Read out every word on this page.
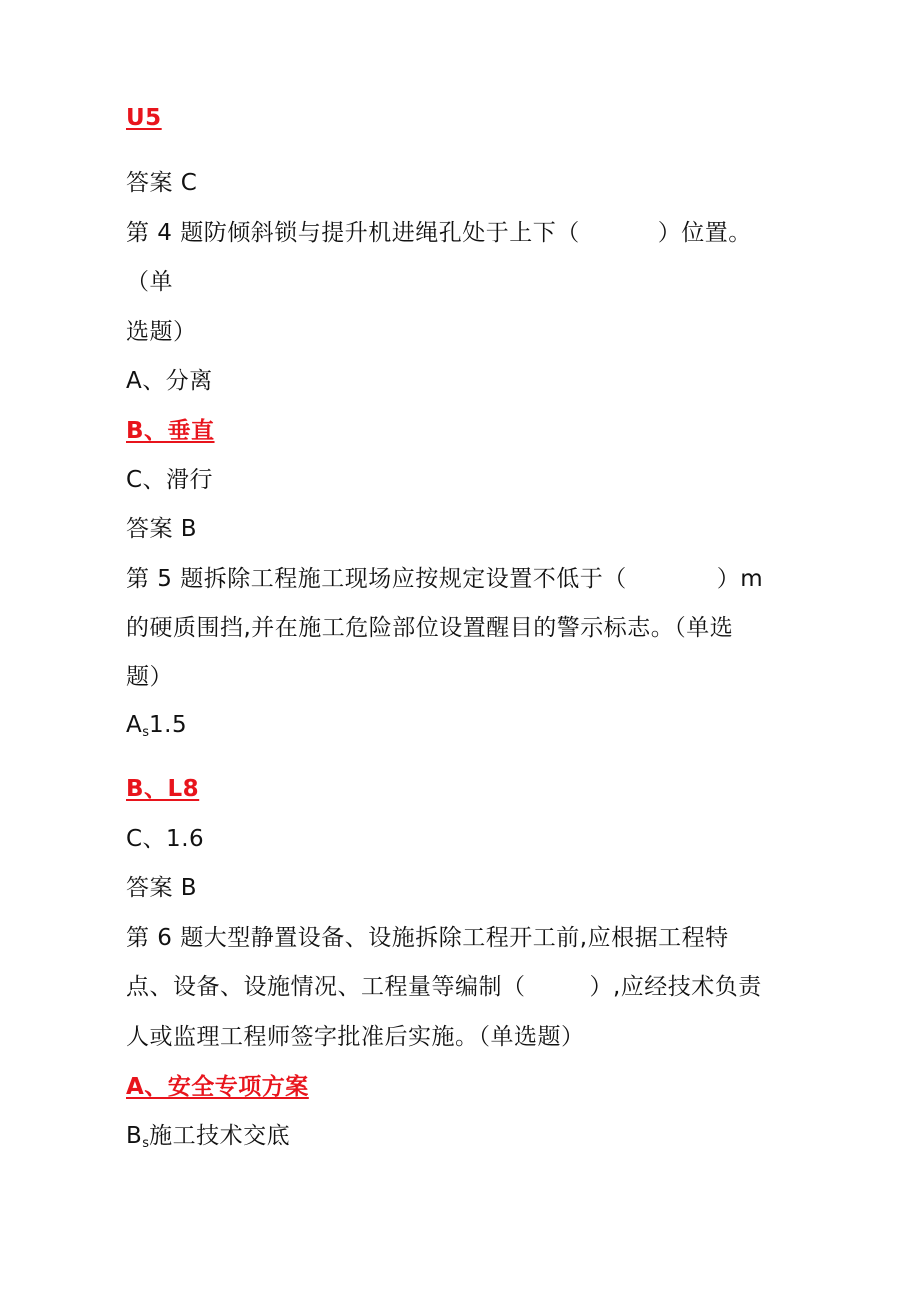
U5
答案 C
第 4 题防倾斜锁与提升机进绳孔处于上下（	）位置。
（单
选题）
A、分离
B、垂直
C、滑行
答案 B
第 5 题拆除工程施工现场应按规定设置不低于（	）m
的硬质围挡,并在施工危险部位设置醒目的警示标志。（单选
题）
$A_s1.5$
B、L8
C、1.6
答案 B
第 6 题大型静置设备、设施拆除工程开工前,应根据工程特
点、设备、设施情况、工程量等编制（	）,应经技术负责
人或监理工程师签字批准后实施。（单选题）
A、安全专项方案
$B_s$施工技术交底
